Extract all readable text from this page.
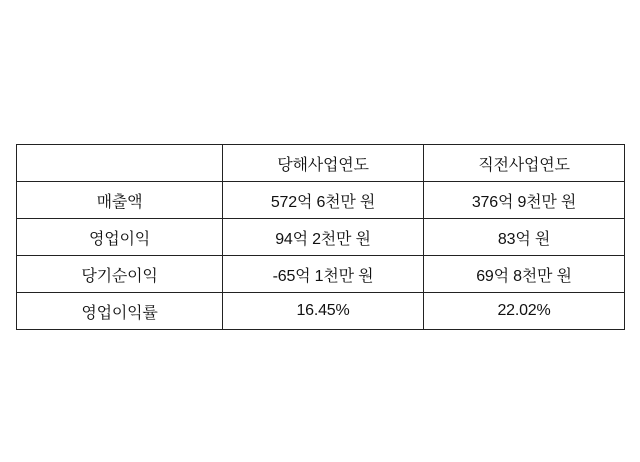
	당해사업연도	직전사업연도
매출액	572억 6천만 원	376억 9천만 원
영업이익	94억 2천만 원	83억 원
당기순이익	-65억 1천만 원	69억 8천만 원
영업이익률	16.45%	22.02%
